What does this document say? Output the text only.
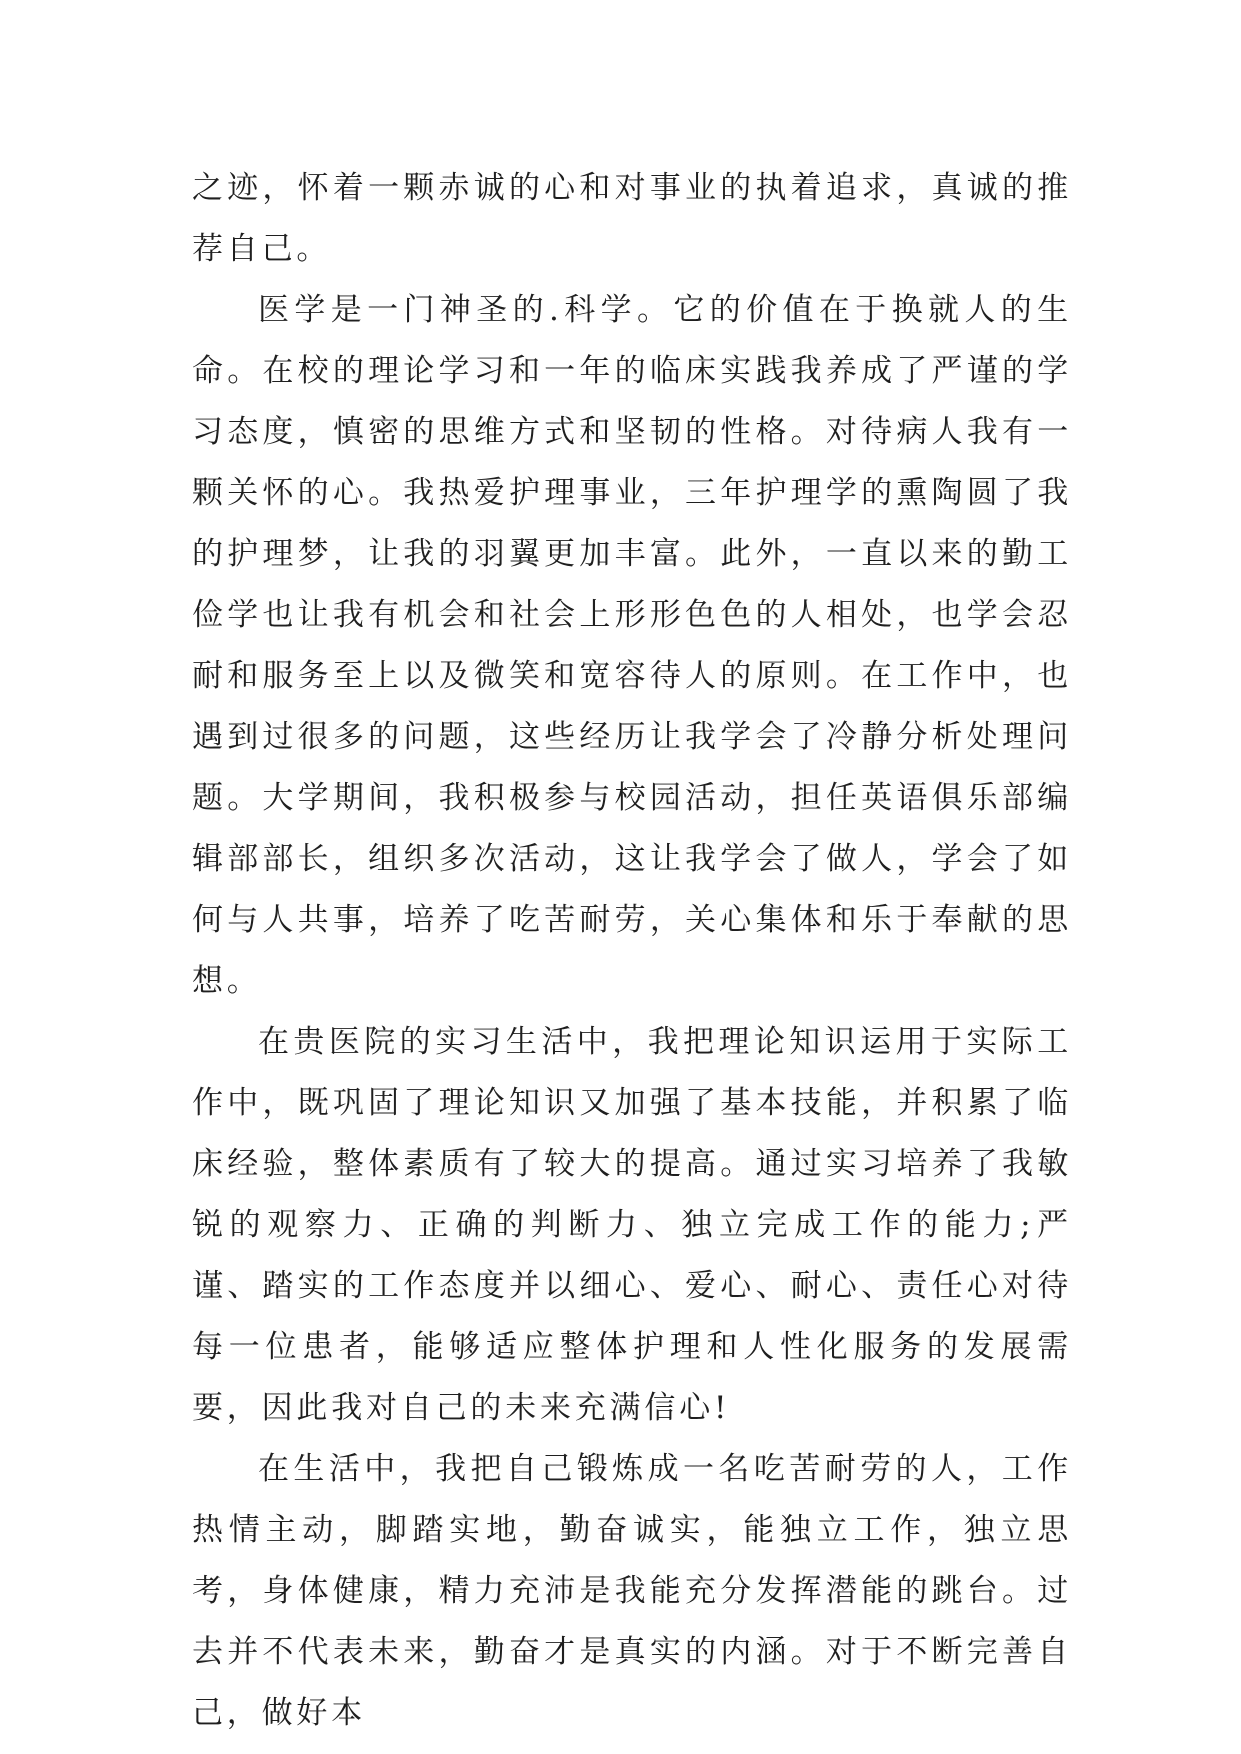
之迹，怀着一颗赤诚的心和对事业的执着追求，真诚的推荐自己。

医学是一门神圣的.科学。它的价值在于换就人的生命。在校的理论学习和一年的临床实践我养成了严谨的学习态度，慎密的思维方式和坚韧的性格。对待病人我有一颗关怀的心。我热爱护理事业，三年护理学的熏陶圆了我的护理梦，让我的羽翼更加丰富。此外，一直以来的勤工俭学也让我有机会和社会上形形色色的人相处，也学会忍耐和服务至上以及微笑和宽容待人的原则。在工作中，也遇到过很多的问题，这些经历让我学会了冷静分析处理问题。大学期间，我积极参与校园活动，担任英语俱乐部编辑部部长，组织多次活动，这让我学会了做人，学会了如何与人共事，培养了吃苦耐劳，关心集体和乐于奉献的思想。

在贵医院的实习生活中，我把理论知识运用于实际工作中，既巩固了理论知识又加强了基本技能，并积累了临床经验，整体素质有了较大的提高。通过实习培养了我敏锐的观察力、正确的判断力、独立完成工作的能力;严谨、踏实的工作态度并以细心、爱心、耐心、责任心对待每一位患者，能够适应整体护理和人性化服务的发展需要，因此我对自己的未来充满信心!

在生活中，我把自己锻炼成一名吃苦耐劳的人，工作热情主动，脚踏实地，勤奋诚实，能独立工作，独立思考，身体健康，精力充沛是我能充分发挥潜能的跳台。过去并不代表未来，勤奋才是真实的内涵。对于不断完善自己，做好本
